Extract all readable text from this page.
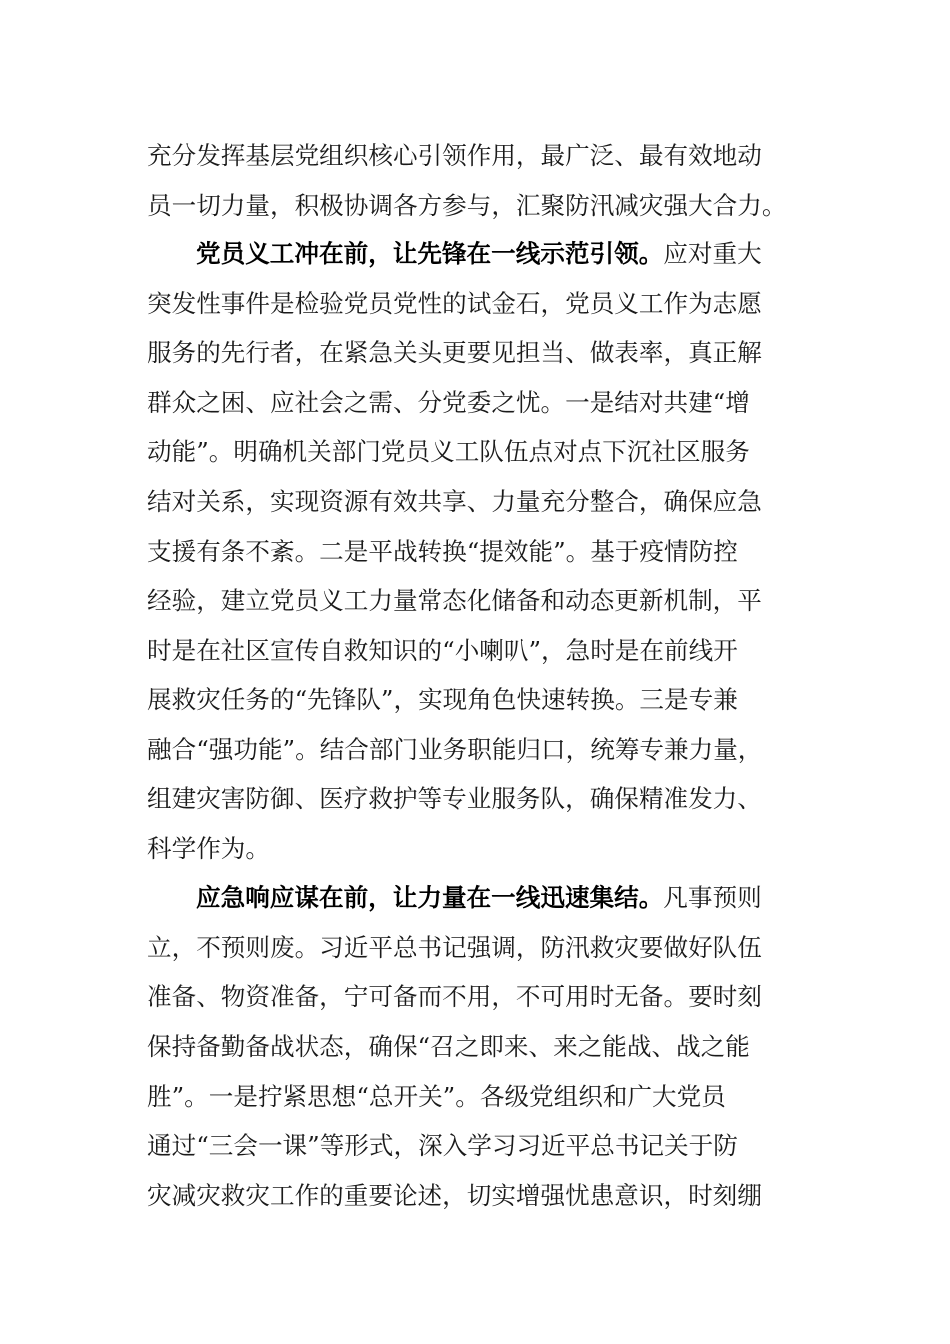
充分发挥基层党组织核心引领作用，最广泛、最有效地动
员一切力量，积极协调各方参与，汇聚防汛减灾强大合力。
党员义工冲在前，让先锋在一线示范引领。应对重大
突发性事件是检验党员党性的试金石，党员义工作为志愿
服务的先行者，在紧急关头更要见担当、做表率，真正解
群众之困、应社会之需、分党委之忧。一是结对共建“增
动能”。明确机关部门党员义工队伍点对点下沉社区服务
结对关系，实现资源有效共享、力量充分整合，确保应急
支援有条不紊。二是平战转换“提效能”。基于疫情防控
经验，建立党员义工力量常态化储备和动态更新机制，平
时是在社区宣传自救知识的“小喇叭”，急时是在前线开
展救灾任务的“先锋队”，实现角色快速转换。三是专兼
融合“强功能”。结合部门业务职能归口，统筹专兼力量，
组建灾害防御、医疗救护等专业服务队，确保精准发力、
科学作为。
应急响应谋在前，让力量在一线迅速集结。凡事预则
立，不预则废。习近平总书记强调，防汛救灾要做好队伍
准备、物资准备，宁可备而不用，不可用时无备。要时刻
保持备勤备战状态，确保“召之即来、来之能战、战之能
胜”。一是拧紧思想“总开关”。各级党组织和广大党员
通过“三会一课”等形式，深入学习习近平总书记关于防
灾减灾救灾工作的重要论述，切实增强忧患意识，时刻绷
